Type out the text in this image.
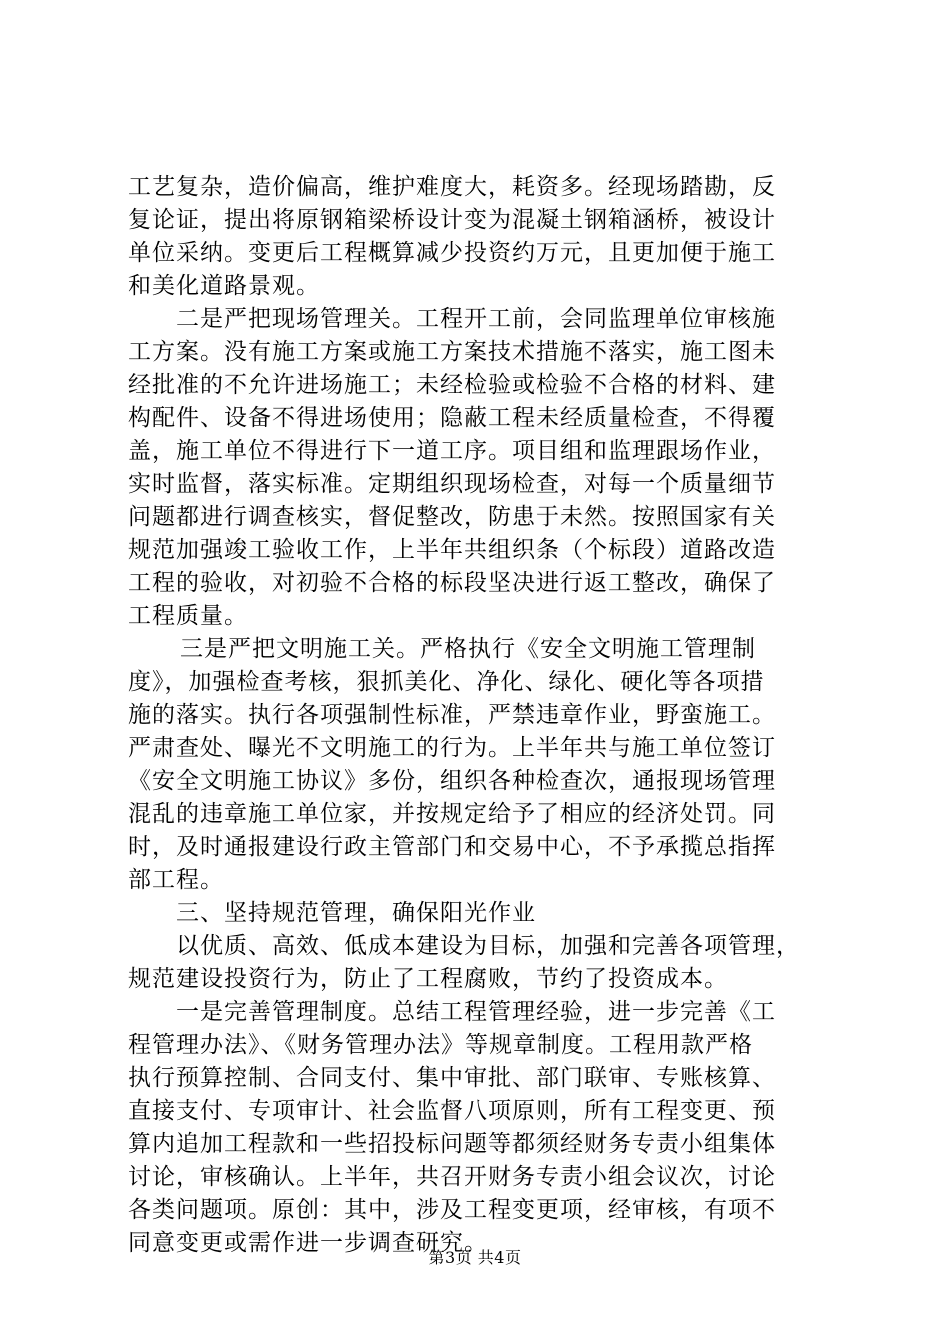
工艺复杂，造价偏高，维护难度大，耗资多。经现场踏勘，反
复论证，提出将原钢箱梁桥设计变为混凝土钢箱涵桥，被设计
单位采纳。变更后工程概算减少投资约万元，且更加便于施工
和美化道路景观。
二是严把现场管理关。工程开工前，会同监理单位审核施
工方案。没有施工方案或施工方案技术措施不落实，施工图未
经批准的不允许进场施工；未经检验或检验不合格的材料、建
构配件、设备不得进场使用；隐蔽工程未经质量检查，不得覆
盖，施工单位不得进行下一道工序。项目组和监理跟场作业，
实时监督，落实标准。定期组织现场检查，对每一个质量细节
问题都进行调查核实，督促整改，防患于未然。按照国家有关
规范加强竣工验收工作，上半年共组织条（个标段）道路改造
工程的验收，对初验不合格的标段坚决进行返工整改，确保了
工程质量。
三是严把文明施工关。严格执行《安全文明施工管理制
度》，加强检查考核，狠抓美化、净化、绿化、硬化等各项措
施的落实。执行各项强制性标准，严禁违章作业，野蛮施工。
严肃查处、曝光不文明施工的行为。上半年共与施工单位签订
《安全文明施工协议》多份，组织各种检查次，通报现场管理
混乱的违章施工单位家，并按规定给予了相应的经济处罚。同
时，及时通报建设行政主管部门和交易中心，不予承揽总指挥
部工程。
三、坚持规范管理，确保阳光作业
以优质、高效、低成本建设为目标，加强和完善各项管理，
规范建设投资行为，防止了工程腐败，节约了投资成本。
一是完善管理制度。总结工程管理经验，进一步完善《工
程管理办法》、《财务管理办法》等规章制度。工程用款严格
执行预算控制、合同支付、集中审批、部门联审、专账核算、
直接支付、专项审计、社会监督八项原则，所有工程变更、预
算内追加工程款和一些招投标问题等都须经财务专责小组集体
讨论，审核确认。上半年，共召开财务专责小组会议次，讨论
各类问题项。原创：其中，涉及工程变更项，经审核，有项不
同意变更或需作进一步调查研究。
第3页 共4页
